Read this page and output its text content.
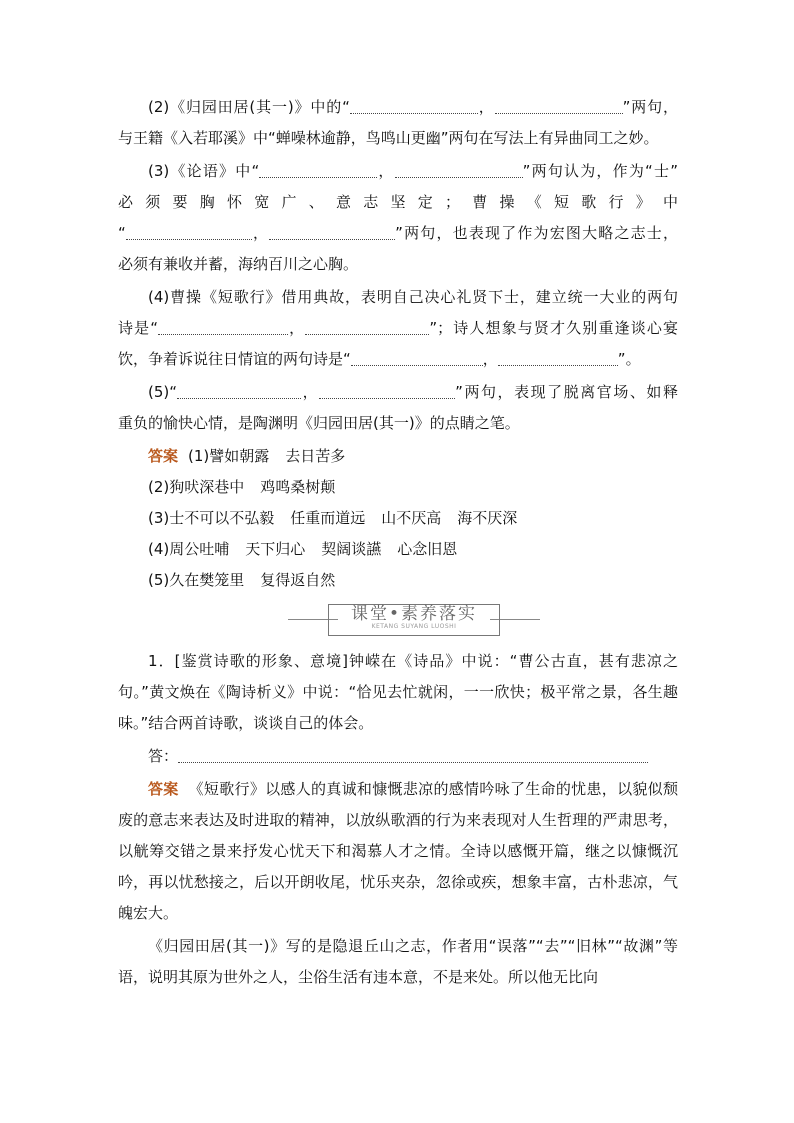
(2)《归园田居(其一)》中的“	，	”两句，

与王籍《入若耶溪》中“蝉噪林逾静，鸟鸣山更幽”两句在写法上有异曲同工之妙。

(3)《论语》中“	，	”两句认为，作为“士”

必须要胸怀宽广、意志坚定；曹操《短歌行》中

“	，	”两句，也表现了作为宏图大略之志士，

必须有兼收并蓄，海纳百川之心胸。

(4)曹操《短歌行》借用典故，表明自己决心礼贤下士，建立统一大业的两句

诗是“	，	”；诗人想象与贤才久别重逢谈心宴

饮，争着诉说往日情谊的两句诗是“	，	”。

(5)“	，	”两句，表现了脱离官场、如释

重负的愉快心情，是陶渊明《归园田居(其一)》的点睛之笔。

答案 (1)譬如朝露 去日苦多

(2)狗吠深巷中 鸡鸣桑树颠

(3)士不可以不弘毅 任重而道远 山不厌高 海不厌深

(4)周公吐哺 天下归心 契阔谈讌 心念旧恩

(5)久在樊笼里 复得返自然

课堂•素养落实
KETANG SUYANG LUOSHI

1．[鉴赏诗歌的形象、意境]钟嵘在《诗品》中说：“曹公古直，甚有悲凉之句。”黄文焕在《陶诗析义》中说：“恰见去忙就闲，一一欣快；极平常之景，各生趣味。”结合两首诗歌，谈谈自己的体会。

答：

答案 《短歌行》以感人的真诚和慷慨悲凉的感情吟咏了生命的忧患，以貌似颓废的意志来表达及时进取的精神，以放纵歌酒的行为来表现对人生哲理的严肃思考，以觥筹交错之景来抒发心忧天下和渴慕人才之情。全诗以感慨开篇，继之以慷慨沉吟，再以忧愁接之，后以开朗收尾，忧乐夹杂，忽徐或疾，想象丰富，古朴悲凉，气魄宏大。

《归园田居(其一)》写的是隐退丘山之志，作者用“误落”“去”“旧林”“故渊”等语，说明其原为世外之人，尘俗生活有违本意，不是来处。所以他无比向
